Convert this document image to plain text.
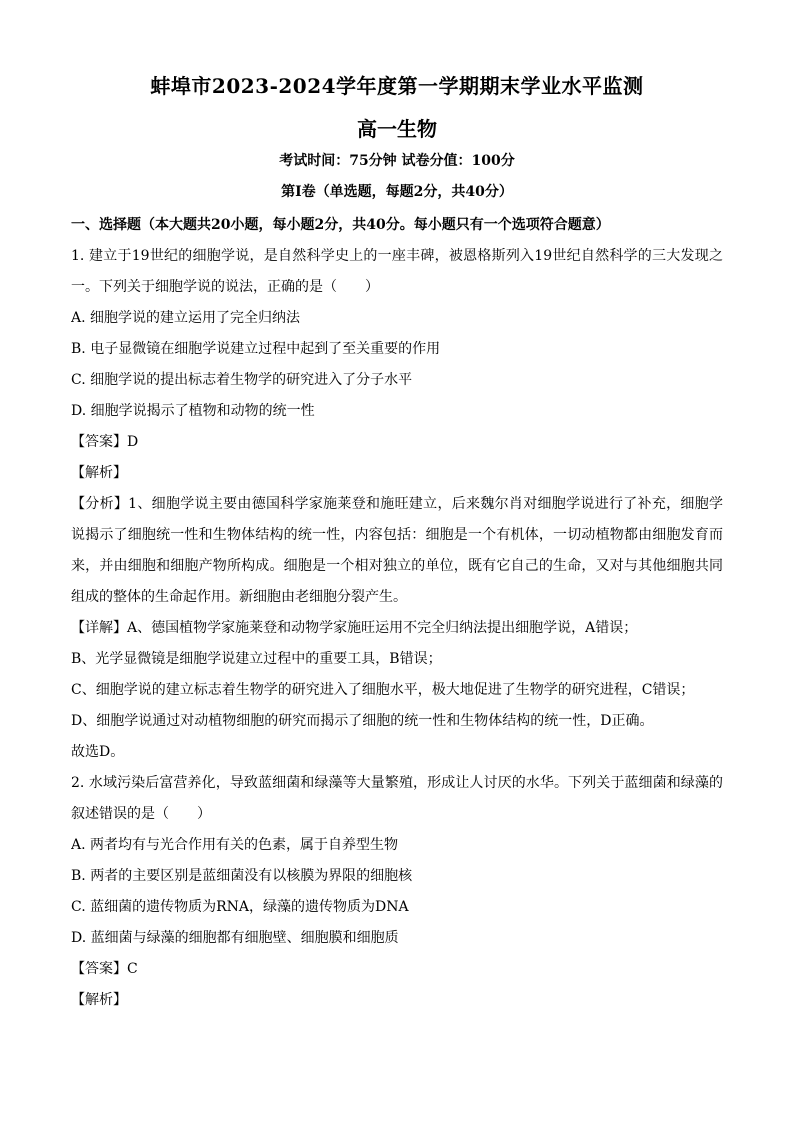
蚌埠市2023-2024学年度第一学期期末学业水平监测
高一生物
考试时间：75分钟 试卷分值：100分
第Ⅰ卷（单选题，每题2分，共40分）
一、选择题（本大题共20小题，每小题2分，共40分。每小题只有一个选项符合题意）
1. 建立于19世纪的细胞学说，是自然科学史上的一座丰碑，被恩格斯列入19世纪自然科学的三大发现之
一。下列关于细胞学说的说法，正确的是（　　）
A. 细胞学说的建立运用了完全归纳法
B. 电子显微镜在细胞学说建立过程中起到了至关重要的作用
C. 细胞学说的提出标志着生物学的研究进入了分子水平
D. 细胞学说揭示了植物和动物的统一性
【答案】D
【解析】
【分析】1、细胞学说主要由德国科学家施莱登和施旺建立，后来魏尔肖对细胞学说进行了补充，细胞学
说揭示了细胞统一性和生物体结构的统一性，内容包括：细胞是一个有机体，一切动植物都由细胞发育而
来，并由细胞和细胞产物所构成。细胞是一个相对独立的单位，既有它自己的生命，又对与其他细胞共同
组成的整体的生命起作用。新细胞由老细胞分裂产生。
【详解】A、德国植物学家施莱登和动物学家施旺运用不完全归纳法提出细胞学说，A错误；
B、光学显微镜是细胞学说建立过程中的重要工具，B错误；
C、细胞学说的建立标志着生物学的研究进入了细胞水平，极大地促进了生物学的研究进程，C错误；
D、细胞学说通过对动植物细胞的研究而揭示了细胞的统一性和生物体结构的统一性，D正确。
故选D。
2. 水域污染后富营养化，导致蓝细菌和绿藻等大量繁殖，形成让人讨厌的水华。下列关于蓝细菌和绿藻的
叙述错误的是（　　）
A. 两者均有与光合作用有关的色素，属于自养型生物
B. 两者的主要区别是蓝细菌没有以核膜为界限的细胞核
C. 蓝细菌的遗传物质为RNA，绿藻的遗传物质为DNA
D. 蓝细菌与绿藻的细胞都有细胞壁、细胞膜和细胞质
【答案】C
【解析】
